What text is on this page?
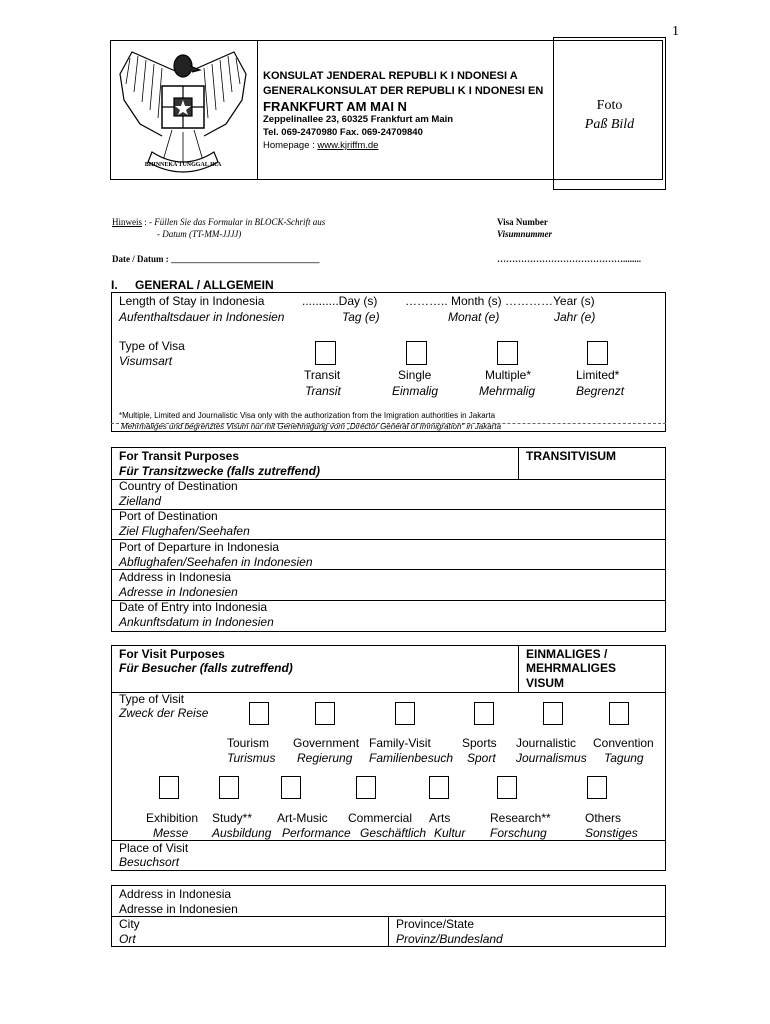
1
BHINNEKA TUNGGAL IKA
KONSULAT JENDERAL REPUBLI K I NDONESI A
GENERALKONSULAT DER REPUBLI K I NDONESI EN
FRANKFURT AM MAI N
Zeppelinallee 23, 60325 Frankfurt am Main
Tel. 069-2470980 Fax. 069-24709840
Homepage : www.kjriffm.de
Foto
Paß Bild
Hinweis : - Füllen Sie das Formular in BLOCK-Schrift aus
- Datum (TT-MM-JJJJ)
Visa Number
Visumnummer
Date / Datum : _________________________________	……………………………………........
I. GENERAL / ALLGEMEIN
Length of Stay in Indonesia
Aufenthaltsdauer in Indonesien
...........Day (s)
Tag (e)
……….. Month (s) …………Year (s)
Monat (e)	Jahr (e)
Type of Visa
Visumsart
Transit
Transit
Single
Einmalig
Multiple*
Mehrmalig
Limited*
Begrenzt
*Multiple, Limited and Journalistic Visa only with the authorization from the Imigration authorities in Jakarta
Mehrmaliges und begrenztes Visum nur mit Genehmigung vom „Director General of Immigration“ in Jakarta
For Transit Purposes
Für Transitzwecke (falls zutreffend)
TRANSITVISUM
Country of Destination
Zielland
Port of Destination
Ziel Flughafen/Seehafen
Port of Departure in Indonesia
Abflughafen/Seehafen in Indonesien
Address in Indonesia
Adresse in Indonesien
Date of Entry into Indonesia
Ankunftsdatum in Indonesien
For Visit Purposes
Für Besucher (falls zutreffend)
EINMALIGES /
MEHRMALIGES
VISUM
Type of Visit
Zweck der Reise
Tourism
Turismus
Government
Regierung
Family-Visit
Familienbesuch
Sports
Sport
Journalistic
Journalismus
Convention
Tagung
Exhibition
Messe
Study**
Ausbildung
Art-Music
Performance
Commercial
Geschäftlich
Arts
Kultur
Research**
Forschung
Others
Sonstiges
Place of Visit
Besuchsort
Address in Indonesia
Adresse in Indonesien
City
Ort
Province/State
Provinz/Bundesland
